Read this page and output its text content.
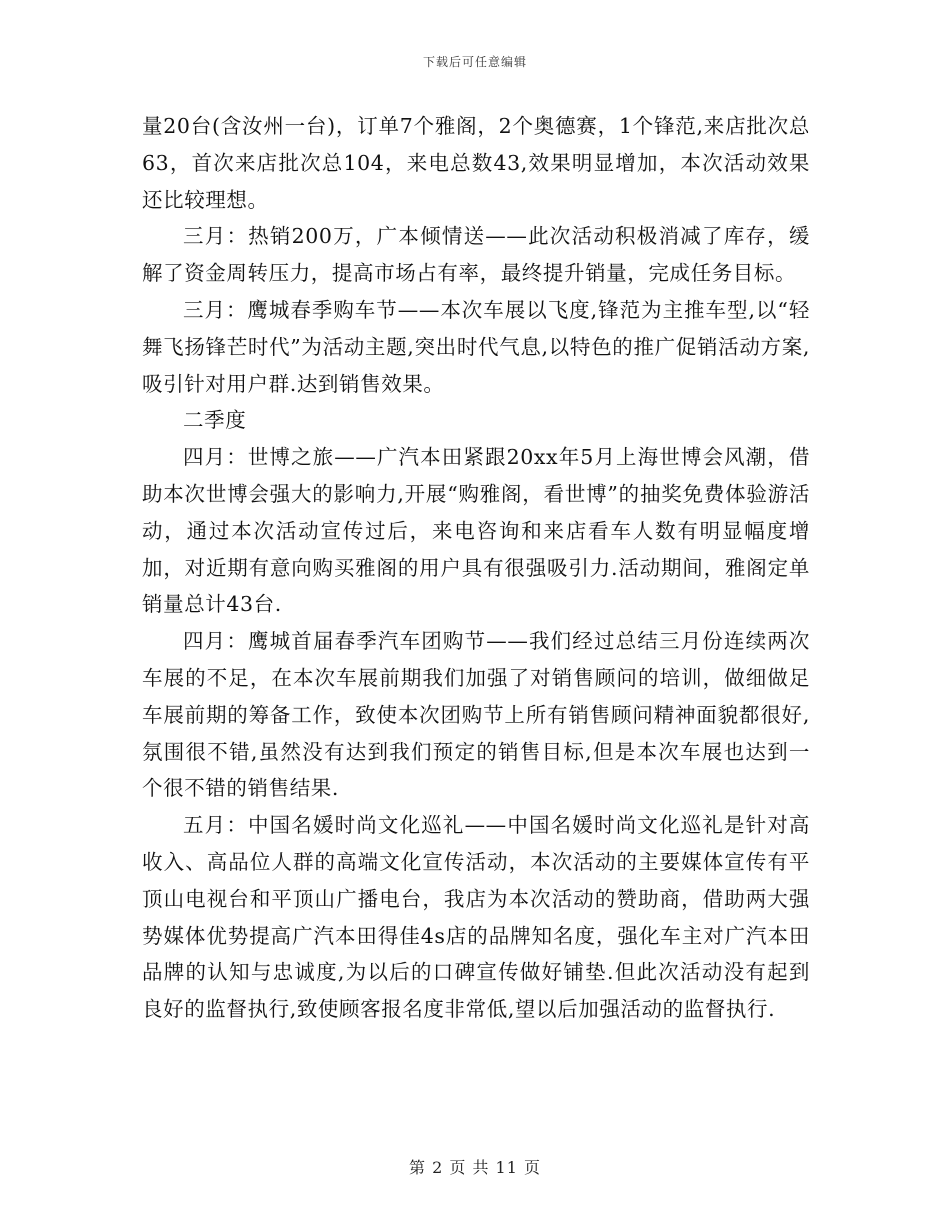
下载后可任意编辑

量20台(含汝州一台)，订单7个雅阁，2个奥德赛，1个锋范,来店批次总63，首次来店批次总104，来电总数43,效果明显增加，本次活动效果还比较理想。

三月：热销200万，广本倾情送——此次活动积极消减了库存，缓解了资金周转压力，提高市场占有率，最终提升销量，完成任务目标。

三月：鹰城春季购车节——本次车展以飞度,锋范为主推车型,以“轻舞飞扬锋芒时代”为活动主题,突出时代气息,以特色的推广促销活动方案,吸引针对用户群.达到销售效果。

二季度

四月：世博之旅——广汽本田紧跟20xx年5月上海世博会风潮，借助本次世博会强大的影响力,开展“购雅阁，看世博”的抽奖免费体验游活动，通过本次活动宣传过后，来电咨询和来店看车人数有明显幅度增加，对近期有意向购买雅阁的用户具有很强吸引力.活动期间，雅阁定单销量总计43台.

四月：鹰城首届春季汽车团购节——我们经过总结三月份连续两次车展的不足，在本次车展前期我们加强了对销售顾问的培训，做细做足车展前期的筹备工作，致使本次团购节上所有销售顾问精神面貌都很好,氛围很不错,虽然没有达到我们预定的销售目标,但是本次车展也达到一个很不错的销售结果.

五月：中国名媛时尚文化巡礼——中国名媛时尚文化巡礼是针对高收入、高品位人群的高端文化宣传活动，本次活动的主要媒体宣传有平顶山电视台和平顶山广播电台，我店为本次活动的赞助商，借助两大强势媒体优势提高广汽本田得佳4s店的品牌知名度，强化车主对广汽本田品牌的认知与忠诚度,为以后的口碑宣传做好铺垫.但此次活动没有起到良好的监督执行,致使顾客报名度非常低,望以后加强活动的监督执行.

第 2 页 共 11 页
